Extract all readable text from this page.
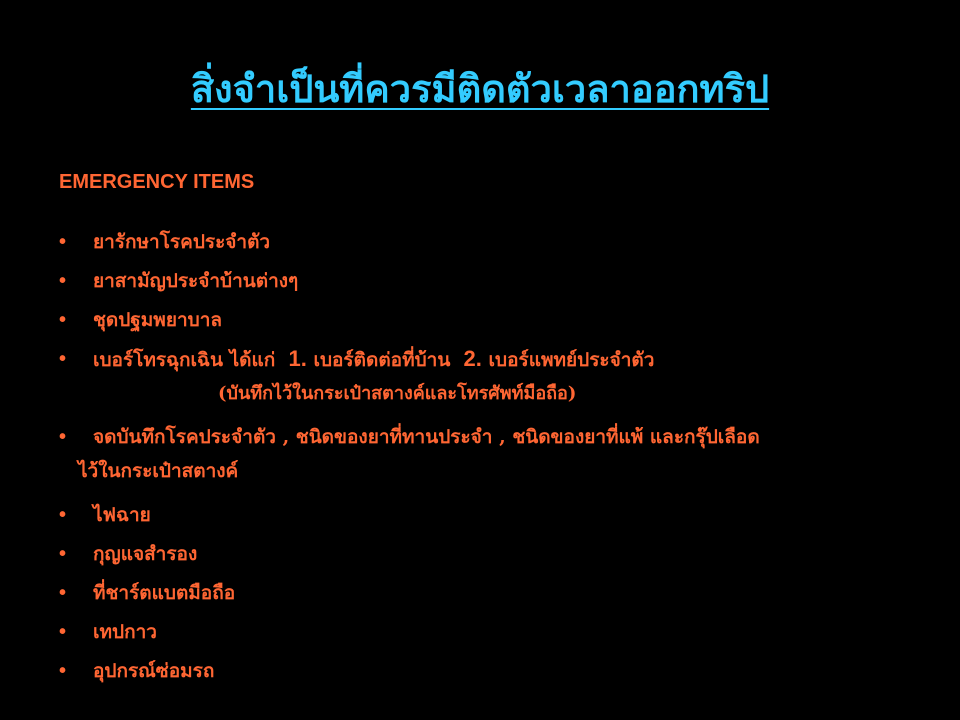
สิ่งจำเป็นที่ควรมีติดตัวเวลาออกทริป
EMERGENCY ITEMS
• ยารักษาโรคประจำตัว
• ยาสามัญประจำบ้านต่างๆ
• ชุดปฐมพยาบาล
• เบอร์โทรฉุกเฉิน ได้แก่ 1. เบอร์ติดต่อที่บ้าน 2. เบอร์แพทย์ประจำตัว
• จดบันทึกโรคประจำตัว , ชนิดของยาที่ทานประจำ , ชนิดของยาที่แพ้ และกรุ๊ปเลือด
• ไฟฉาย
• กุญแจสำรอง
• ที่ชาร์ตแบตมือถือ
• เทปกาว
• อุปกรณ์ซ่อมรถ
(บันทึกไว้ในกระเป๋าสตางค์และโทรศัพท์มือถือ)
ไว้ในกระเป๋าสตางค์
